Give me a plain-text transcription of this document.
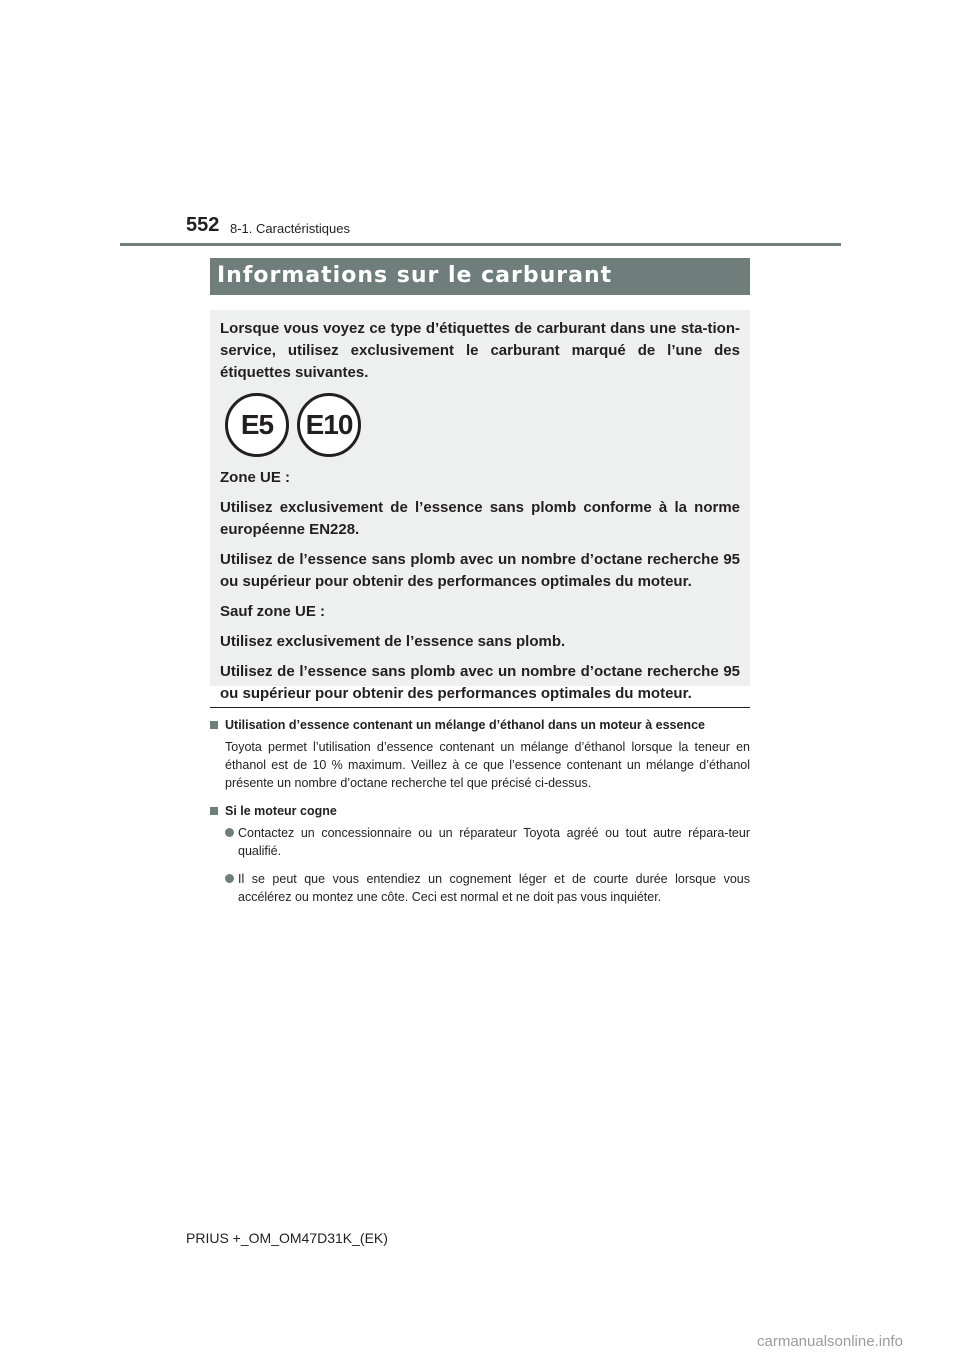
552 8-1. Caractéristiques
Informations sur le carburant

Lorsque vous voyez ce type d’étiquettes de carburant dans une sta-tion-service, utilisez exclusivement le carburant marqué de l’une des étiquettes suivantes.

E5	E10

Zone UE :

Utilisez exclusivement de l’essence sans plomb conforme à la norme européenne EN228.

Utilisez de l’essence sans plomb avec un nombre d’octane recherche 95 ou supérieur pour obtenir des performances optimales du moteur.

Sauf zone UE :

Utilisez exclusivement de l’essence sans plomb.

Utilisez de l’essence sans plomb avec un nombre d’octane recherche 95 ou supérieur pour obtenir des performances optimales du moteur.

Utilisation d’essence contenant un mélange d’éthanol dans un moteur à essence
Toyota permet l’utilisation d’essence contenant un mélange d’éthanol lorsque la teneur en éthanol est de 10 % maximum. Veillez à ce que l’essence contenant un mélange d’éthanol présente un nombre d’octane recherche tel que précisé ci-dessus.
Si le moteur cogne
Contactez un concessionnaire ou un réparateur Toyota agréé ou tout autre répara-teur qualifié.
Il se peut que vous entendiez un cognement léger et de courte durée lorsque vous accélérez ou montez une côte. Ceci est normal et ne doit pas vous inquiéter.
PRIUS +_OM_OM47D31K_(EK)
carmanualsonline.info
